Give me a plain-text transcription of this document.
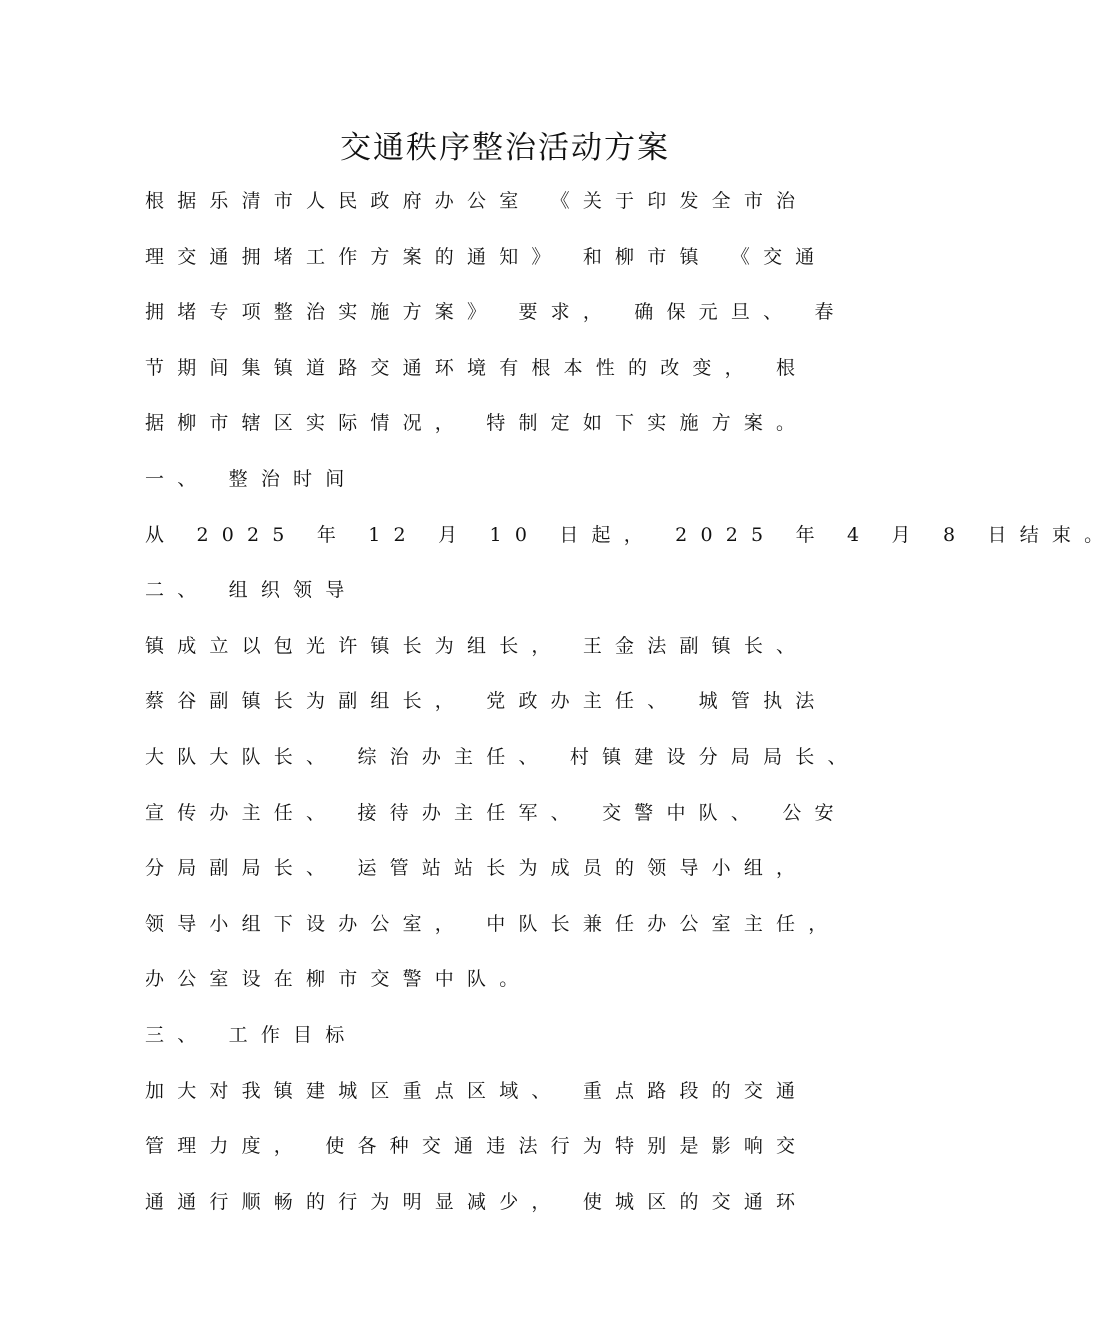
交通秩序整治活动方案
根据乐清市人民政府办公室 《关于印发全市治
理交通拥堵工作方案的通知》 和柳市镇 《交通
拥堵专项整治实施方案》 要求， 确保元旦、 春
节期间集镇道路交通环境有根本性的改变， 根
据柳市辖区实际情况， 特制定如下实施方案。
一、 整治时间
从 2025 年 12 月 10 日起， 2025 年 4 月 8 日结束。
二、 组织领导
镇成立以包光许镇长为组长， 王金法副镇长、
蔡谷副镇长为副组长， 党政办主任、 城管执法
大队大队长、 综治办主任、 村镇建设分局局长、
宣传办主任、 接待办主任军、 交警中队、 公安
分局副局长、 运管站站长为成员的领导小组，
领导小组下设办公室， 中队长兼任办公室主任，
办公室设在柳市交警中队。
三、 工作目标
加大对我镇建城区重点区域、 重点路段的交通
管理力度， 使各种交通违法行为特别是影响交
通通行顺畅的行为明显减少， 使城区的交通环
